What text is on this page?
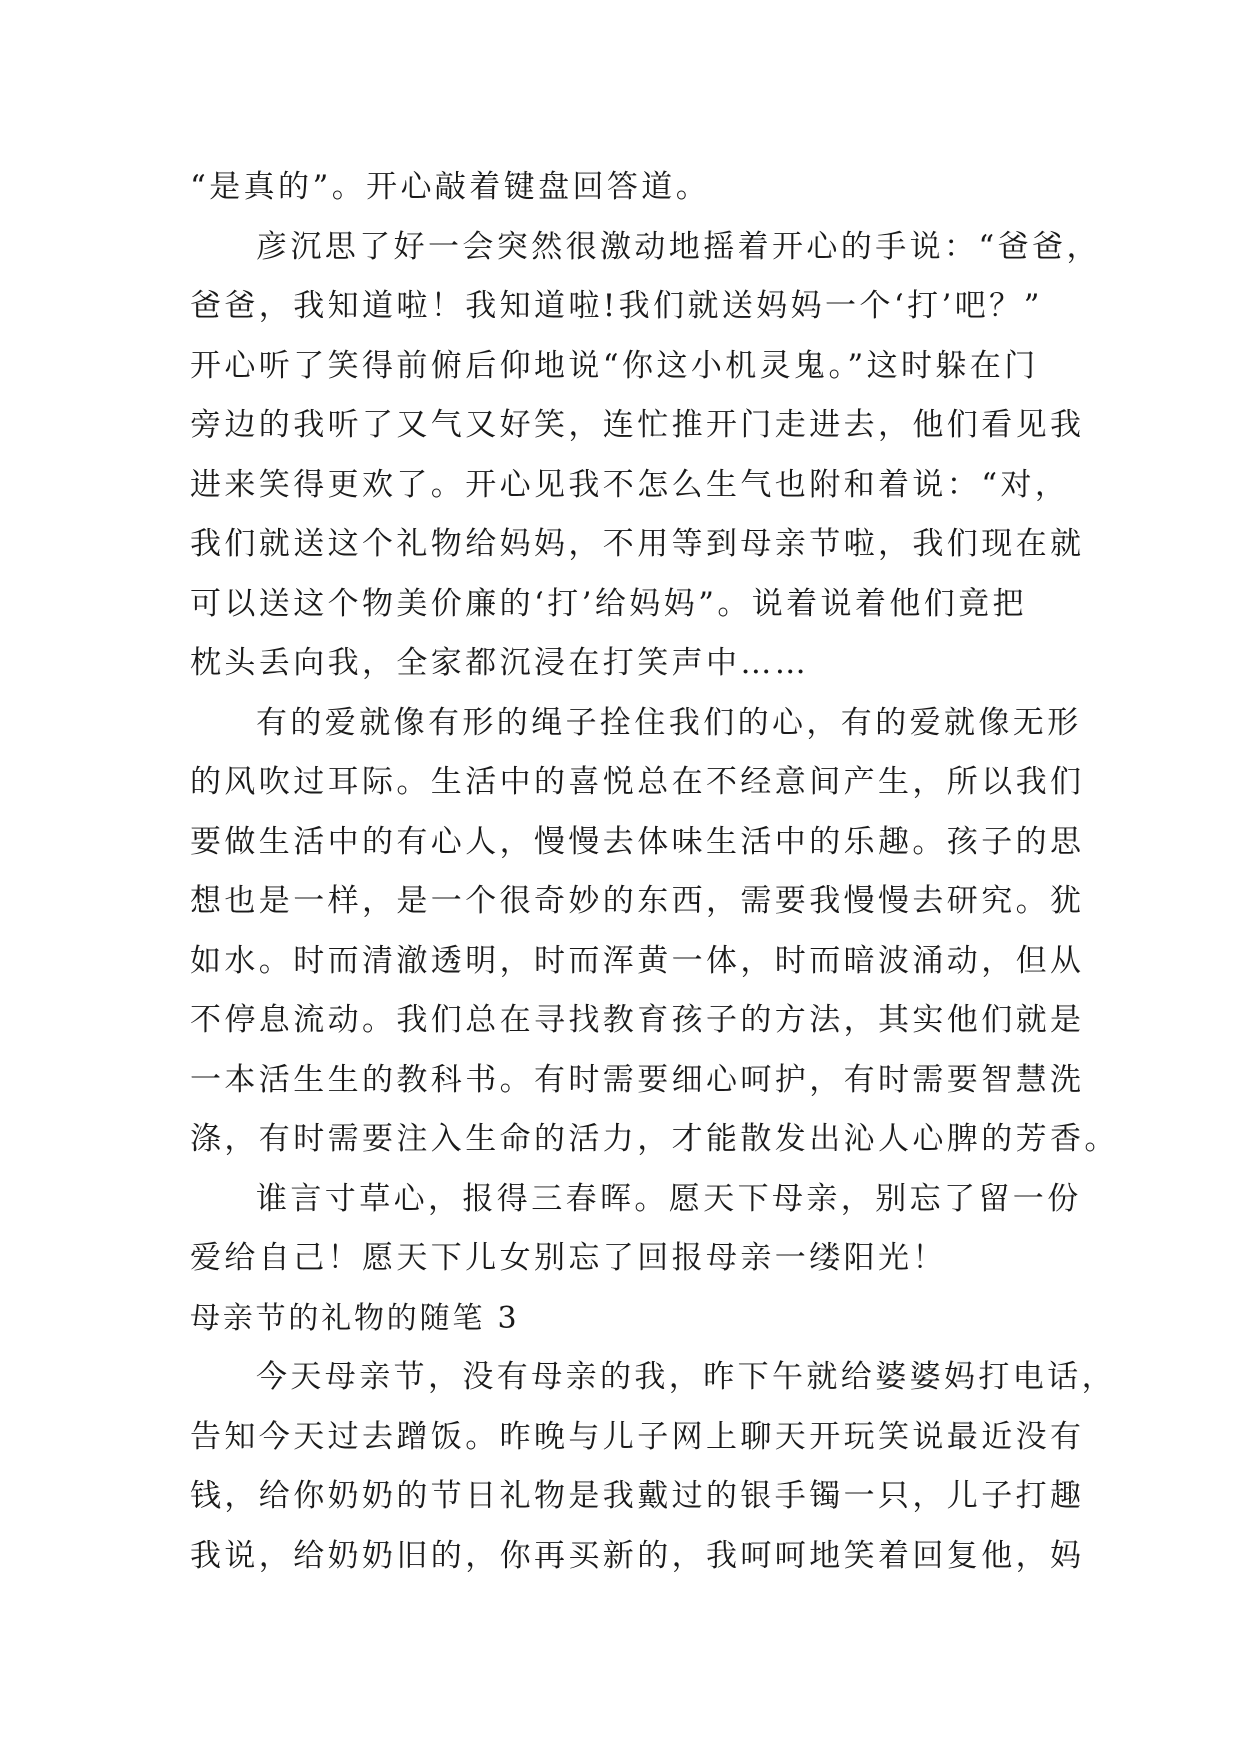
“是真的”。开心敲着键盘回答道。
彦沉思了好一会突然很激动地摇着开心的手说：“爸爸，
爸爸，我知道啦！我知道啦!我们就送妈妈一个‘打’吧？”
开心听了笑得前俯后仰地说“你这小机灵鬼。”这时躲在门
旁边的我听了又气又好笑，连忙推开门走进去，他们看见我
进来笑得更欢了。开心见我不怎么生气也附和着说：“对，
我们就送这个礼物给妈妈，不用等到母亲节啦，我们现在就
可以送这个物美价廉的‘打’给妈妈”。说着说着他们竟把
枕头丢向我，全家都沉浸在打笑声中……
有的爱就像有形的绳子拴住我们的心，有的爱就像无形
的风吹过耳际。生活中的喜悦总在不经意间产生，所以我们
要做生活中的有心人，慢慢去体味生活中的乐趣。孩子的思
想也是一样，是一个很奇妙的东西，需要我慢慢去研究。犹
如水。时而清澈透明，时而浑黄一体，时而暗波涌动，但从
不停息流动。我们总在寻找教育孩子的方法，其实他们就是
一本活生生的教科书。有时需要细心呵护，有时需要智慧洗
涤，有时需要注入生命的活力，才能散发出沁人心脾的芳香。
谁言寸草心，报得三春晖。愿天下母亲，别忘了留一份
爱给自己！愿天下儿女别忘了回报母亲一缕阳光！
母亲节的礼物的随笔 3
今天母亲节，没有母亲的我，昨下午就给婆婆妈打电话，
告知今天过去蹭饭。昨晚与儿子网上聊天开玩笑说最近没有
钱，给你奶奶的节日礼物是我戴过的银手镯一只，儿子打趣
我说，给奶奶旧的，你再买新的，我呵呵地笑着回复他，妈
